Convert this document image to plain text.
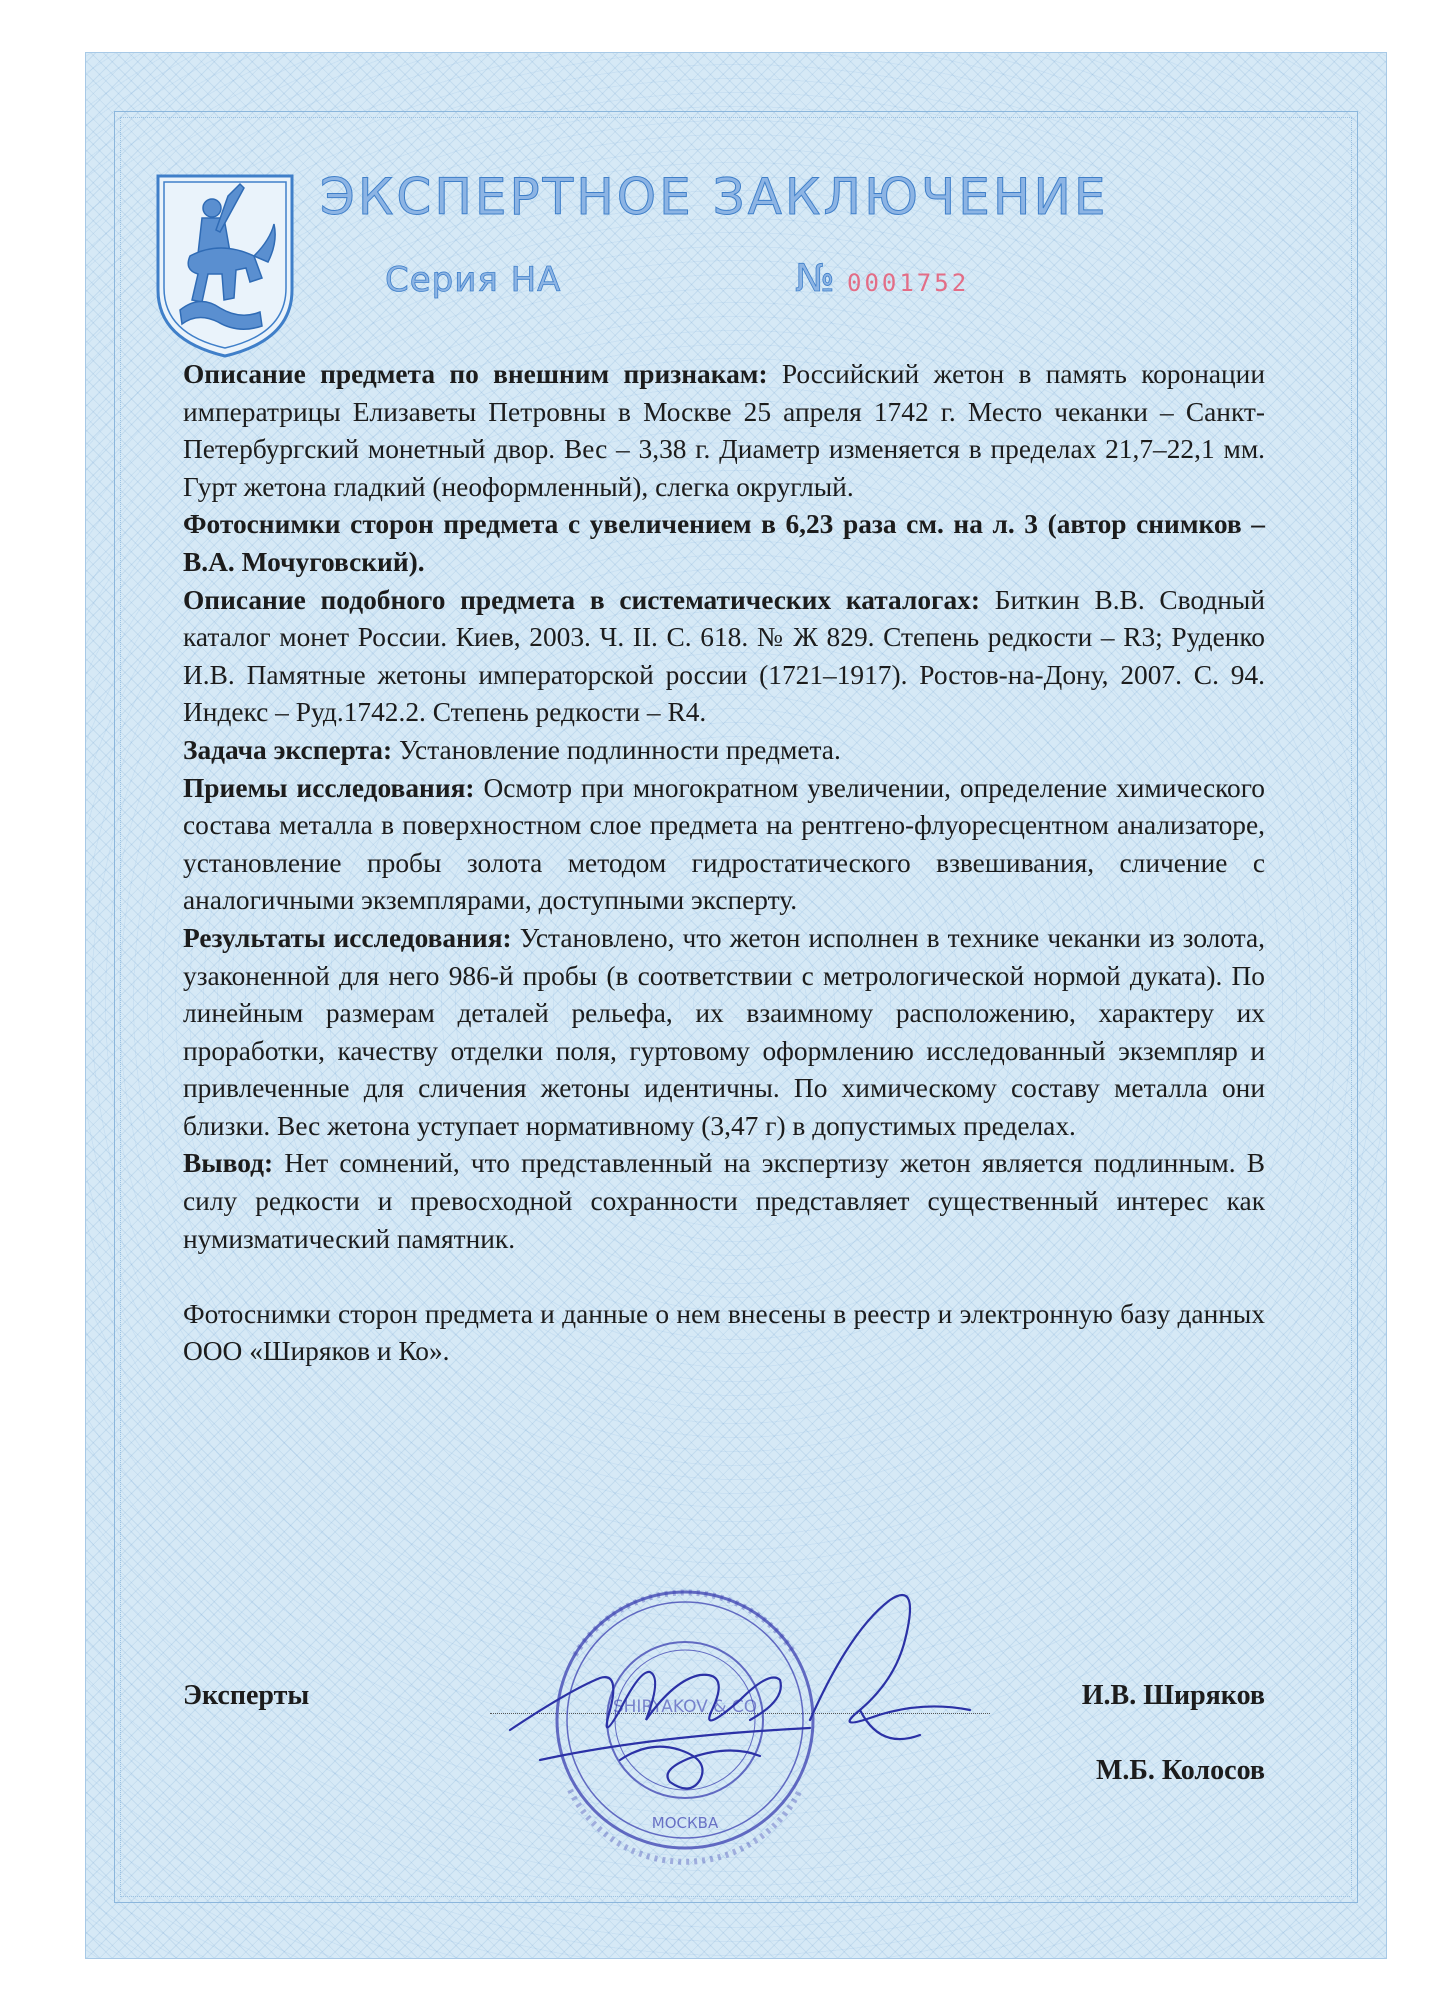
ЭКСПЕРТНОЕ ЗАКЛЮЧЕНИЕ
Серия НА	№ 0001752

Описание предмета по внешним признакам: Российский жетон в память коронации императрицы Елизаветы Петровны в Москве 25 апреля 1742 г. Место чеканки – Санкт-Петербургский монетный двор. Вес – 3,38 г. Диаметр изменяется в пределах 21,7–22,1 мм. Гурт жетона гладкий (неоформленный), слегка округлый.

Фотоснимки сторон предмета с увеличением в 6,23 раза см. на л. 3 (автор снимков – В.А. Мочуговский).

Описание подобного предмета в систематических каталогах: Биткин В.В. Сводный каталог монет России. Киев, 2003. Ч. II. С. 618. № Ж 829. Степень редкости – R3; Руденко И.В. Памятные жетоны императорской россии (1721–1917). Ростов-на-Дону, 2007. С. 94. Индекс – Руд.1742.2. Степень редкости – R4.

Задача эксперта: Установление подлинности предмета.

Приемы исследования: Осмотр при многократном увеличении, определение химического состава металла в поверхностном слое предмета на рентгено-флуоресцентном анализаторе, установление пробы золота методом гидростатического взвешивания, сличение с аналогичными экземплярами, доступными эксперту.

Результаты исследования: Установлено, что жетон исполнен в технике чеканки из золота, узаконенной для него 986-й пробы (в соответствии с метрологической нормой дуката). По линейным размерам деталей рельефа, их взаимному расположению, характеру их проработки, качеству отделки поля, гуртовому оформлению исследованный экземпляр и привлеченные для сличения жетоны идентичны. По химическому составу металла они близки. Вес жетона уступает нормативному (3,47 г) в допустимых пределах.

Вывод: Нет сомнений, что представленный на экспертизу жетон является подлинным. В силу редкости и превосходной сохранности представляет существенный интерес как нумизматический памятник.

Фотоснимки сторон предмета и данные о нем внесены в реестр и электронную базу данных ООО «Ширяков и Ко».

SHIRYAKOV & CO
МОСКВА
Эксперты	И.В. Ширяков
М.Б. Колосов
